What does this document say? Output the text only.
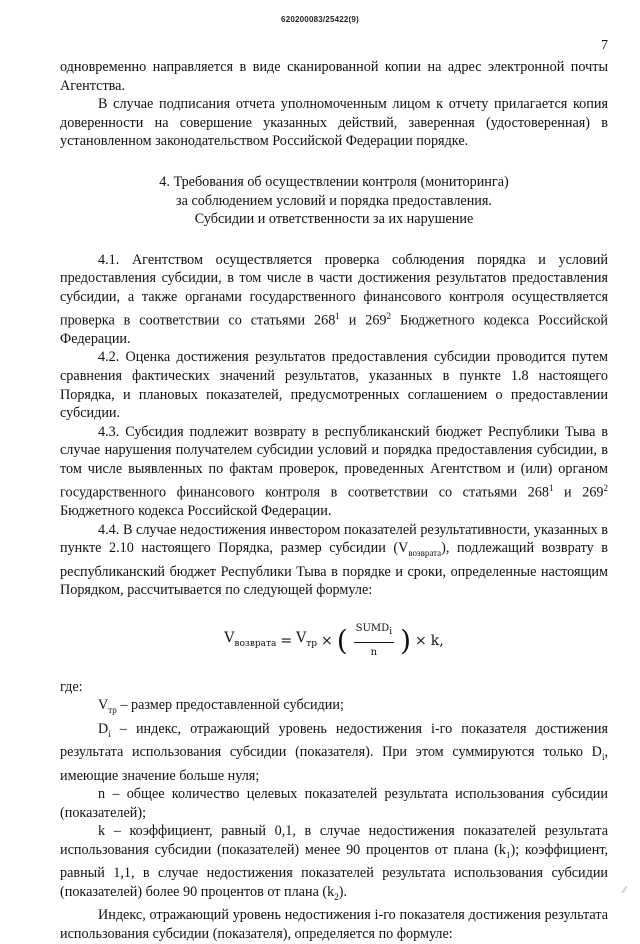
620200083/25422(9)
7

одновременно направляется в виде сканированной копии на адрес электронной почты Агентства.

В случае подписания отчета уполномоченным лицом к отчету прилагается копия доверенности на совершение указанных действий, заверенная (удостоверенная) в установленном законодательством Российской Федерации порядке.

4. Требования об осуществлении контроля (мониторинга)
за соблюдением условий и порядка предоставления.
Субсидии и ответственности за их нарушение

4.1. Агентством осуществляется проверка соблюдения порядка и условий предоставления субсидии, в том числе в части достижения результатов предоставления субсидии, а также органами государственного финансового контроля осуществляется проверка в соответствии со статьями $268^1$ и $269^2$ Бюджетного кодекса Российской Федерации.

4.2. Оценка достижения результатов предоставления субсидии проводится путем сравнения фактических значений результатов, указанных в пункте 1.8 настоящего Порядка, и плановых показателей, предусмотренных соглашением о предоставлении субсидии.

4.3. Субсидия подлежит возврату в республиканский бюджет Республики Тыва в случае нарушения получателем субсидии условий и порядка предоставления субсидии, в том числе выявленных по фактам проверок, проведенных Агентством и (или) органом государственного финансового контроля в соответствии со статьями $268^1$ и $269^2$ Бюджетного кодекса Российской Федерации.

4.4. В случае недостижения инвестором показателей результативности, указанных в пункте 2.10 настоящего Порядка, размер субсидии $(V_{возврата})$, подлежащий возврату в республиканский бюджет Республики Тыва в порядке и сроки, определенные настоящим Порядком, рассчитывается по следующей формуле:

$V_{возврата} = V_{тр}$ × ( $\frac{SUMD_i}{n}$ ) × k,

где:

$V_{тр}$ – размер предоставленной субсидии;

$D_i$ – индекс, отражающий уровень недостижения i-го показателя достижения результата использования субсидии (показателя). При этом суммируются только $D_i$, имеющие значение больше нуля;

n – общее количество целевых показателей результата использования субсидии (показателей);

k – коэффициент, равный 0,1, в случае недостижения показателей результата использования субсидии (показателей) менее 90 процентов от плана $(k_1)$; коэффициент, равный 1,1, в случае недостижения показателей результата использования субсидии (показателей) более 90 процентов от плана $(k_2)$.

Индекс, отражающий уровень недостижения i-го показателя достижения результата использования субсидии (показателя), определяется по формуле:

⁄⁄
